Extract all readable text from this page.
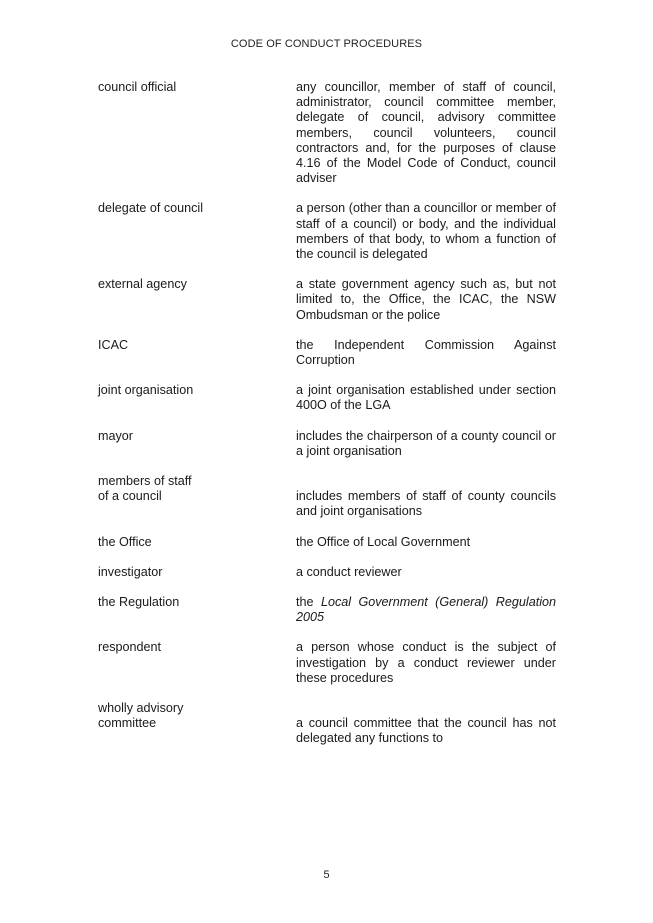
CODE OF CONDUCT PROCEDURES
council official	any councillor, member of staff of council, administrator, council committee member, delegate of council, advisory committee members, council volunteers, council contractors and, for the purposes of clause 4.16 of the Model Code of Conduct, council adviser
delegate of council	a person (other than a councillor or member of staff of a council) or body, and the individual members of that body, to whom a function of the council is delegated
external agency	a state government agency such as, but not limited to, the Office, the ICAC, the NSW Ombudsman or the police
ICAC	the Independent Commission Against Corruption
joint organisation	a joint organisation established under section 400O of the LGA
mayor	includes the chairperson of a county council or a joint organisation
members of staff
of a council	includes members of staff of county councils and joint organisations
the Office	the Office of Local Government
investigator	a conduct reviewer
the Regulation	the Local Government (General) Regulation 2005
respondent	a person whose conduct is the subject of investigation by a conduct reviewer under these procedures
wholly advisory
committee	a council committee that the council has not delegated any functions to
5
